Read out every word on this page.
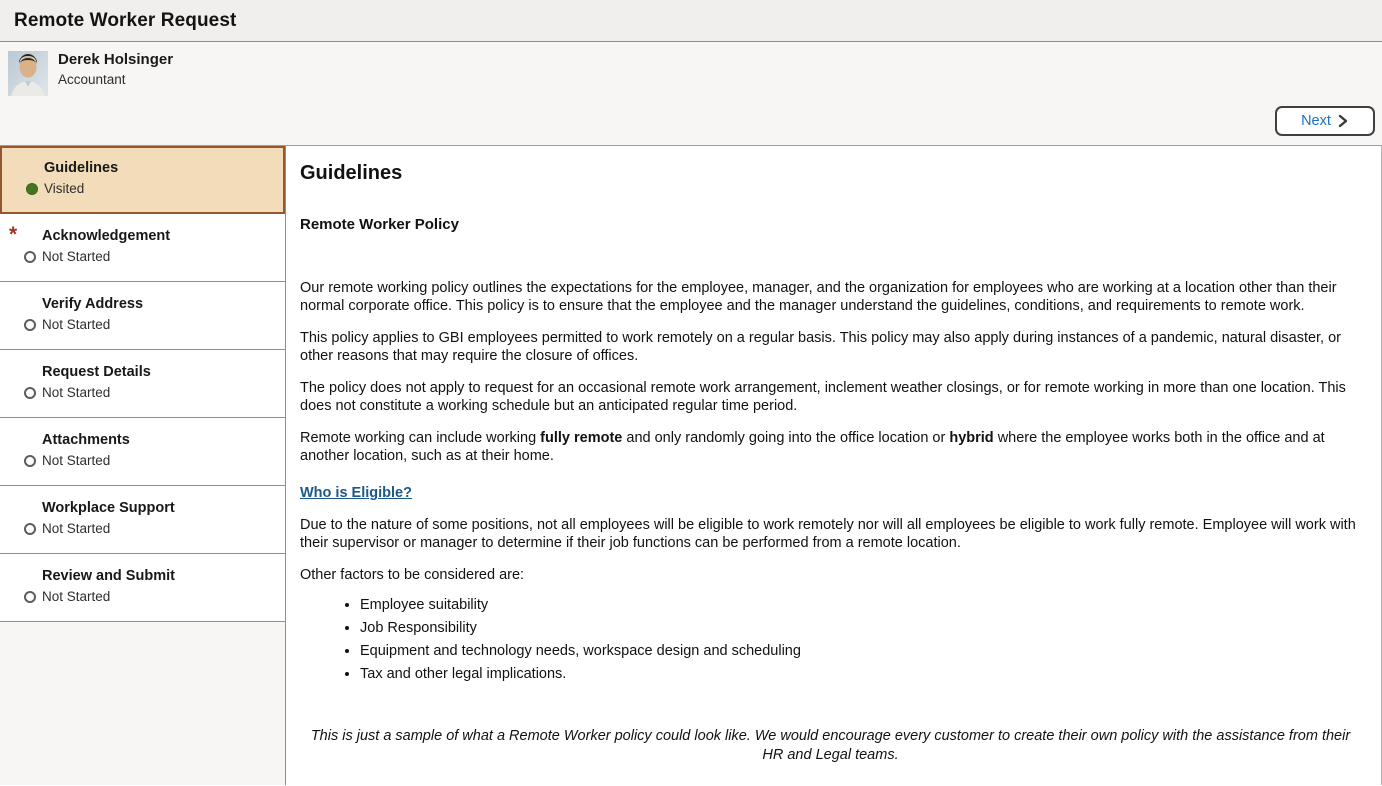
Remote Worker Request
Derek Holsinger
Accountant
Next
Guidelines
Visited
* Acknowledgement
Not Started
Verify Address
Not Started
Request Details
Not Started
Attachments
Not Started
Workplace Support
Not Started
Review and Submit
Not Started
Guidelines
Remote Worker Policy

Our remote working policy outlines the expectations for the employee, manager, and the organization for employees who are working at a location other than their normal corporate office. This policy is to ensure that the employee and the manager understand the guidelines, conditions, and requirements to remote work.

This policy applies to GBI employees permitted to work remotely on a regular basis. This policy may also apply during instances of a pandemic, natural disaster, or other reasons that may require the closure of offices.

The policy does not apply to request for an occasional remote work arrangement, inclement weather closings, or for remote working in more than one location. This does not constitute a working schedule but an anticipated regular time period.

Remote working can include working fully remote and only randomly going into the office location or hybrid where the employee works both in the office and at another location, such as at their home.

Who is Eligible?

Due to the nature of some positions, not all employees will be eligible to work remotely nor will all employees be eligible to work fully remote. Employee will work with their supervisor or manager to determine if their job functions can be performed from a remote location.

Other factors to be considered are:

• Employee suitability
• Job Responsibility
• Equipment and technology needs, workspace design and scheduling
• Tax and other legal implications.
This is just a sample of what a Remote Worker policy could look like. We would encourage every customer to create their own policy with the assistance from their HR and Legal teams.
